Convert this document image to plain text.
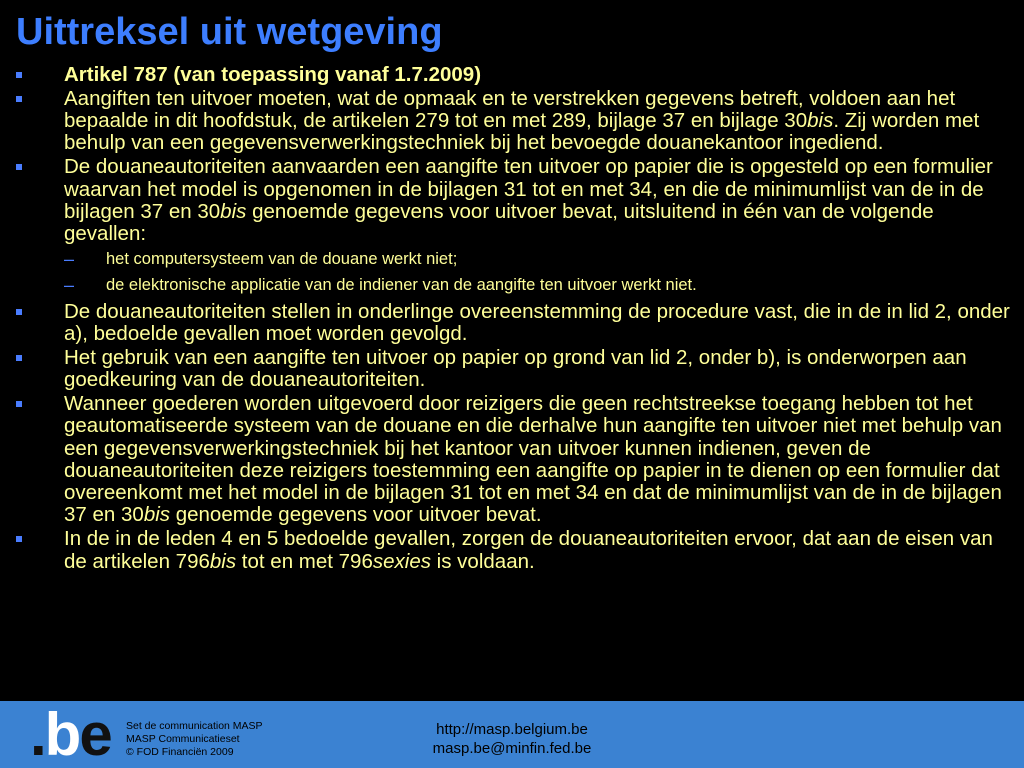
Uittreksel uit wetgeving
Artikel 787 (van toepassing vanaf 1.7.2009)
Aangiften ten uitvoer moeten, wat de opmaak en te verstrekken gegevens betreft, voldoen aan het bepaalde in dit hoofdstuk, de artikelen 279 tot en met 289, bijlage 37 en bijlage 30bis. Zij worden met behulp van een gegevensverwerkingstechniek bij het bevoegde douanekantoor ingediend.
De douaneautoriteiten aanvaarden een aangifte ten uitvoer op papier die is opgesteld op een formulier waarvan het model is opgenomen in de bijlagen 31 tot en met 34, en die de minimumlijst van de in de bijlagen 37 en 30bis genoemde gegevens voor uitvoer bevat, uitsluitend in één van de volgende gevallen:
– het computersysteem van de douane werkt niet;
– de elektronische applicatie van de indiener van de aangifte ten uitvoer werkt niet.
De douaneautoriteiten stellen in onderlinge overeenstemming de procedure vast, die in de in lid 2, onder a), bedoelde gevallen moet worden gevolgd.
Het gebruik van een aangifte ten uitvoer op papier op grond van lid 2, onder b), is onderworpen aan goedkeuring van de douaneautoriteiten.
Wanneer goederen worden uitgevoerd door reizigers die geen rechtstreekse toegang hebben tot het geautomatiseerde systeem van de douane en die derhalve hun aangifte ten uitvoer niet met behulp van een gegevensverwerkingstechniek bij het kantoor van uitvoer kunnen indienen, geven de douaneautoriteiten deze reizigers toestemming een aangifte op papier in te dienen op een formulier dat overeenkomt met het model in de bijlagen 31 tot en met 34 en dat de minimumlijst van de in de bijlagen 37 en 30bis genoemde gegevens voor uitvoer bevat.
In de in de leden 4 en 5 bedoelde gevallen, zorgen de douaneautoriteiten ervoor, dat aan de eisen van de artikelen 796bis tot en met 796sexies is voldaan.
.be Set de communication MASP
MASP Communicatieset
© FOD Financiën 2009
http://masp.belgium.be
masp.be@minfin.fed.be
